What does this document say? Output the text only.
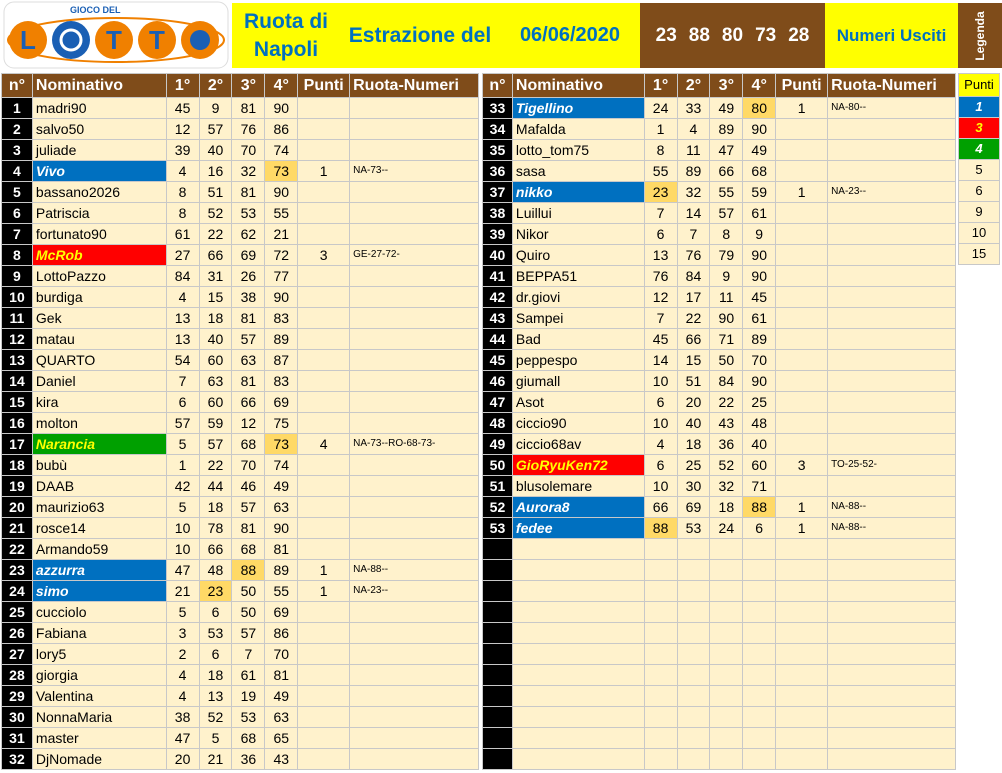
GIOCO DEL
L	T T
Ruota di
Napoli
Estrazione del	06/06/2020	23 88 80 73 28	Numeri Usciti	Legenda
n°	Nominativo	1°	2°	3°	4°	Punti	Ruota-Numeri
1	madri90	45	9	81	90		
2	salvo50	12	57	76	86		
3	juliade	39	40	70	74		
4	Vivo	4	16	32	73	1	NA-73--
5	bassano2026	8	51	81	90		
6	Patriscia	8	52	53	55		
7	fortunato90	61	22	62	21		
8	McRob	27	66	69	72	3	GE-27-72-
9	LottoPazzo	84	31	26	77		
10	burdiga	4	15	38	90		
11	Gek	13	18	81	83		
12	matau	13	40	57	89		
13	QUARTO	54	60	63	87		
14	Daniel	7	63	81	83		
15	kira	6	60	66	69		
16	molton	57	59	12	75		
17	Narancia	5	57	68	73	4	NA-73--RO-68-73-
18	bubù	1	22	70	74		
19	DAAB	42	44	46	49		
20	maurizio63	5	18	57	63		
21	rosce14	10	78	81	90		
22	Armando59	10	66	68	81		
23	azzurra	47	48	88	89	1	NA-88--
24	simo	21	23	50	55	1	NA-23--
25	cucciolo	5	6	50	69		
26	Fabiana	3	53	57	86		
27	lory5	2	6	7	70		
28	giorgia	4	18	61	81		
29	Valentina	4	13	19	49		
30	NonnaMaria	38	52	53	63		
31	master	47	5	68	65		
32	DjNomade	20	21	36	43		
n°	Nominativo	1°	2°	3°	4°	Punti	Ruota-Numeri
33	Tigellino	24	33	49	80	1	NA-80--
34	Mafalda	1	4	89	90		
35	lotto_tom75	8	11	47	49		
36	sasa	55	89	66	68		
37	nikko	23	32	55	59	1	NA-23--
38	Luillui	7	14	57	61		
39	Nikor	6	7	8	9		
40	Quiro	13	76	79	90		
41	BEPPA51	76	84	9	90		
42	dr.giovi	12	17	11	45		
43	Sampei	7	22	90	61		
44	Bad	45	66	71	89		
45	peppespo	14	15	50	70		
46	giumall	10	51	84	90		
47	Asot	6	20	22	25		
48	ciccio90	10	40	43	48		
49	ciccio68av	4	18	36	40		
50	GioRyuKen72	6	25	52	60	3	TO-25-52-
51	blusolemare	10	30	32	71		
52	Aurora8	66	69	18	88	1	NA-88--
53	fedee	88	53	24	6	1	NA-88--

Punti
1
3
4
5
6
9
10
15
